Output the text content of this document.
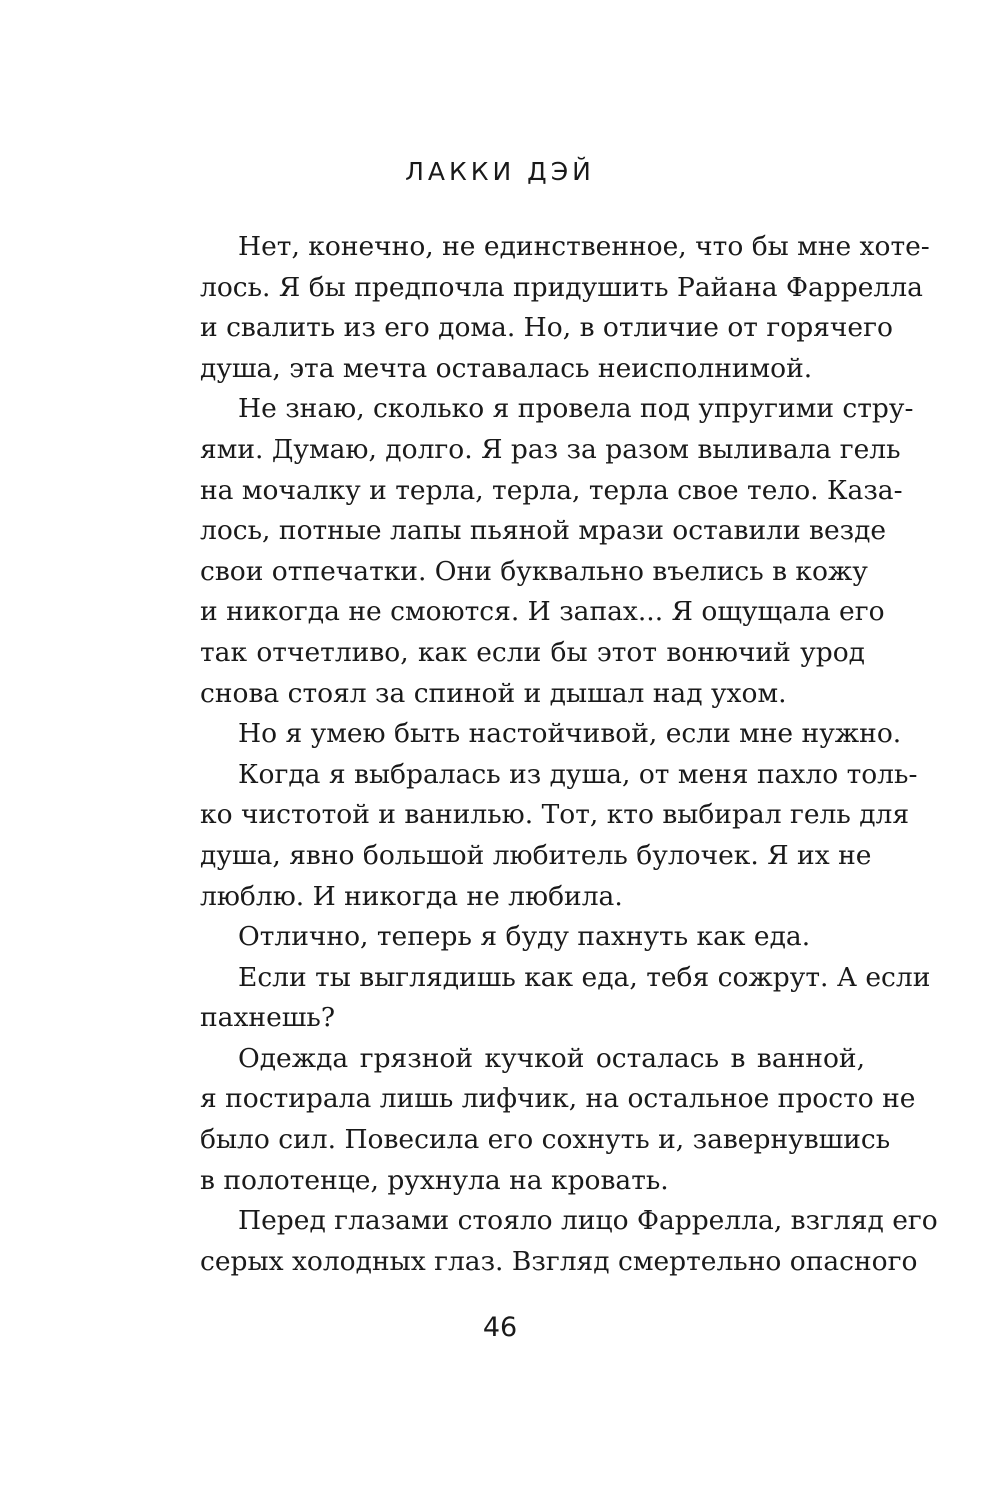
ЛАККИ ДЭЙ
Нет, конечно, не единственное, что бы мне хоте-
лось. Я бы предпочла придушить Райана Фаррелла
и свалить из его дома. Но, в отличие от горячего
душа, эта мечта оставалась неисполнимой.
Не знаю, сколько я провела под упругими стру-
ями. Думаю, долго. Я раз за разом выливала гель
на мочалку и терла, терла, терла свое тело. Каза-
лось, потные лапы пьяной мрази оставили везде
свои отпечатки. Они буквально въелись в кожу
и никогда не смоются. И запах... Я ощущала его
так отчетливо, как если бы этот вонючий урод
снова стоял за спиной и дышал над ухом.
Но я умею быть настойчивой, если мне нужно.
Когда я выбралась из душа, от меня пахло толь-
ко чистотой и ванилью. Тот, кто выбирал гель для
душа, явно большой любитель булочек. Я их не
люблю. И никогда не любила.
Отлично, теперь я буду пахнуть как еда.
Если ты выглядишь как еда, тебя сожрут. А если
пахнешь?
Одежда грязной кучкой осталась в ванной,
я постирала лишь лифчик, на остальное просто не
было сил. Повесила его сохнуть и, завернувшись
в полотенце, рухнула на кровать.
Перед глазами стояло лицо Фаррелла, взгляд его
серых холодных глаз. Взгляд смертельно опасного
46
